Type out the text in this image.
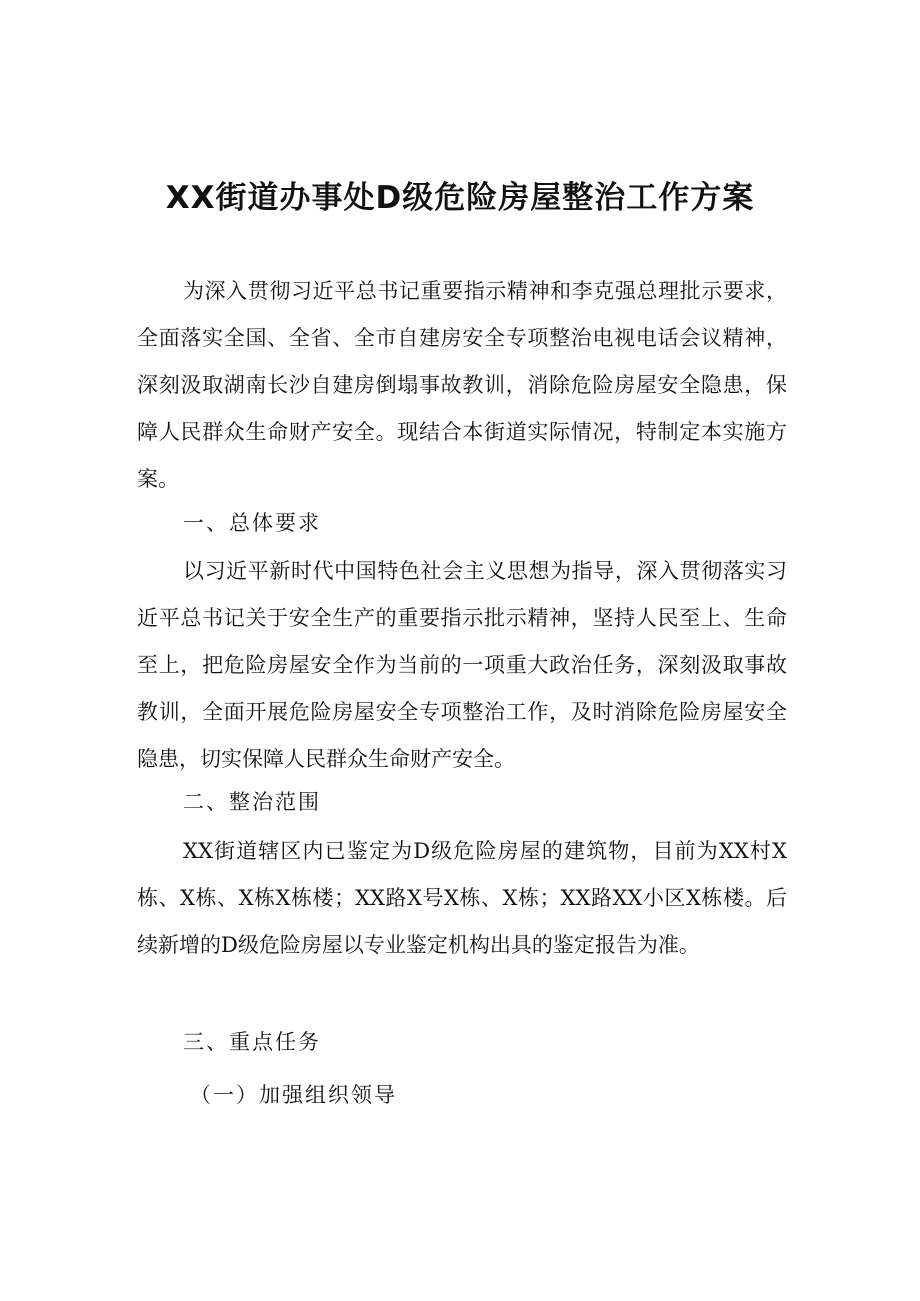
XX街道办事处D级危险房屋整治工作方案

为深入贯彻习近平总书记重要指示精神和李克强总理批示要求，全面落实全国、全省、全市自建房安全专项整治电视电话会议精神，深刻汲取湖南长沙自建房倒塌事故教训，消除危险房屋安全隐患，保障人民群众生命财产安全。现结合本街道实际情况，特制定本实施方案。

一、总体要求

以习近平新时代中国特色社会主义思想为指导，深入贯彻落实习近平总书记关于安全生产的重要指示批示精神，坚持人民至上、生命至上，把危险房屋安全作为当前的一项重大政治任务，深刻汲取事故教训，全面开展危险房屋安全专项整治工作，及时消除危险房屋安全隐患，切实保障人民群众生命财产安全。

二、整治范围

XX街道辖区内已鉴定为D级危险房屋的建筑物，目前为XX村X栋、X栋、X栋X栋楼；XX路X号X栋、X栋；XX路XX小区X栋楼。后续新增的D级危险房屋以专业鉴定机构出具的鉴定报告为准。

三、重点任务

（一）加强组织领导
